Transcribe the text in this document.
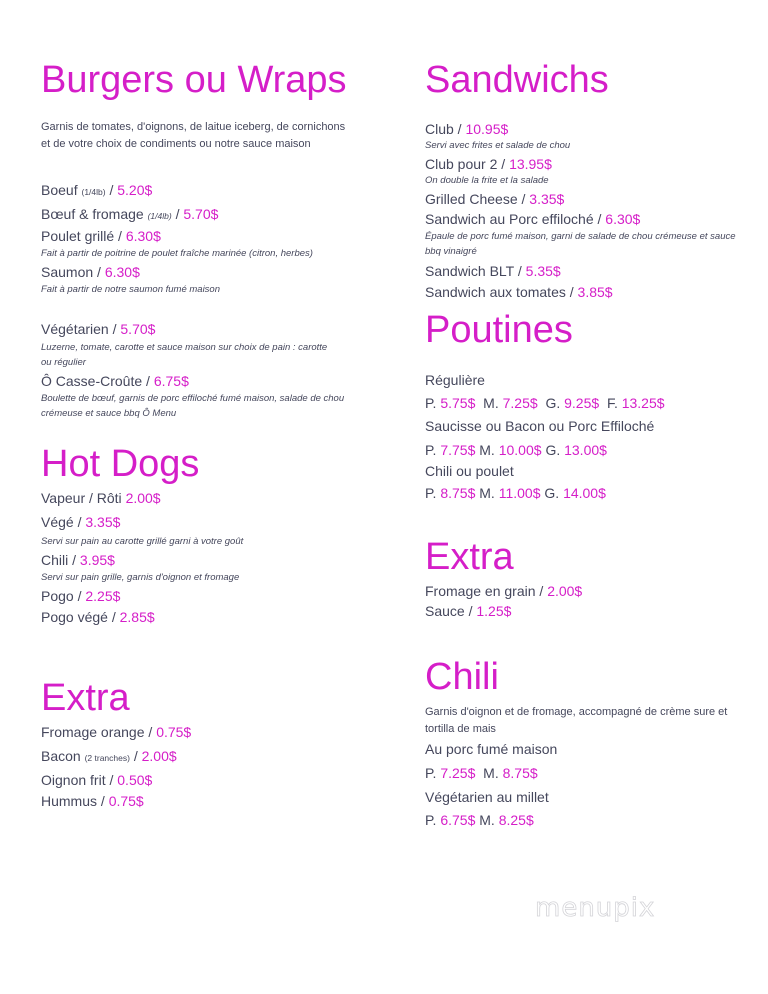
Burgers ou Wraps

Garnis de tomates, d'oignons, de laitue iceberg, de cornichons et de votre choix de condiments ou notre sauce maison

Boeuf (1/4lb) / 5.20$

Bœuf & fromage (1/4lb) / 5.70$

Poulet grillé / 6.30$

Fait à partir de poitrine de poulet fraîche marinée (citron, herbes)

Saumon / 6.30$

Fait à partir de notre saumon fumé maison

Végétarien / 5.70$

Luzerne, tomate, carotte et sauce maison sur choix de pain : carotte ou régulier

Ô Casse-Croûte / 6.75$

Boulette de bœuf, garnis de porc effiloché fumé maison, salade de chou crémeuse et sauce bbq Ô Menu

Hot Dogs

Vapeur / Rôti 2.00$

Végé / 3.35$

Servi sur pain au carotte grillé garni à votre goût

Chili / 3.95$

Servi sur pain grille, garnis d'oignon et fromage

Pogo / 2.25$

Pogo végé / 2.85$

Extra

Fromage orange / 0.75$

Bacon (2 tranches) / 2.00$

Oignon frit / 0.50$

Hummus / 0.75$

Sandwichs

Club / 10.95$

Servi avec frites et salade de chou

Club pour 2 / 13.95$

On double la frite et la salade

Grilled Cheese / 3.35$

Sandwich au Porc effiloché / 6.30$

Épaule de porc fumé maison, garni de salade de chou crémeuse et sauce bbq vinaigré

Sandwich BLT / 5.35$

Sandwich aux tomates / 3.85$

Poutines

Régulière

P. 5.75$ M. 7.25$ G. 9.25$ F. 13.25$

Saucisse ou Bacon ou Porc Effiloché

P. 7.75$ M. 10.00$ G. 13.00$

Chili ou poulet

P. 8.75$ M. 11.00$ G. 14.00$

Extra

Fromage en grain / 2.00$

Sauce / 1.25$

Chili

Garnis d'oignon et de fromage, accompagné de crème sure et tortilla de mais

Au porc fumé maison

P. 7.25$ M. 8.75$

Végétarien au millet

P. 6.75$ M. 8.25$

menupix
